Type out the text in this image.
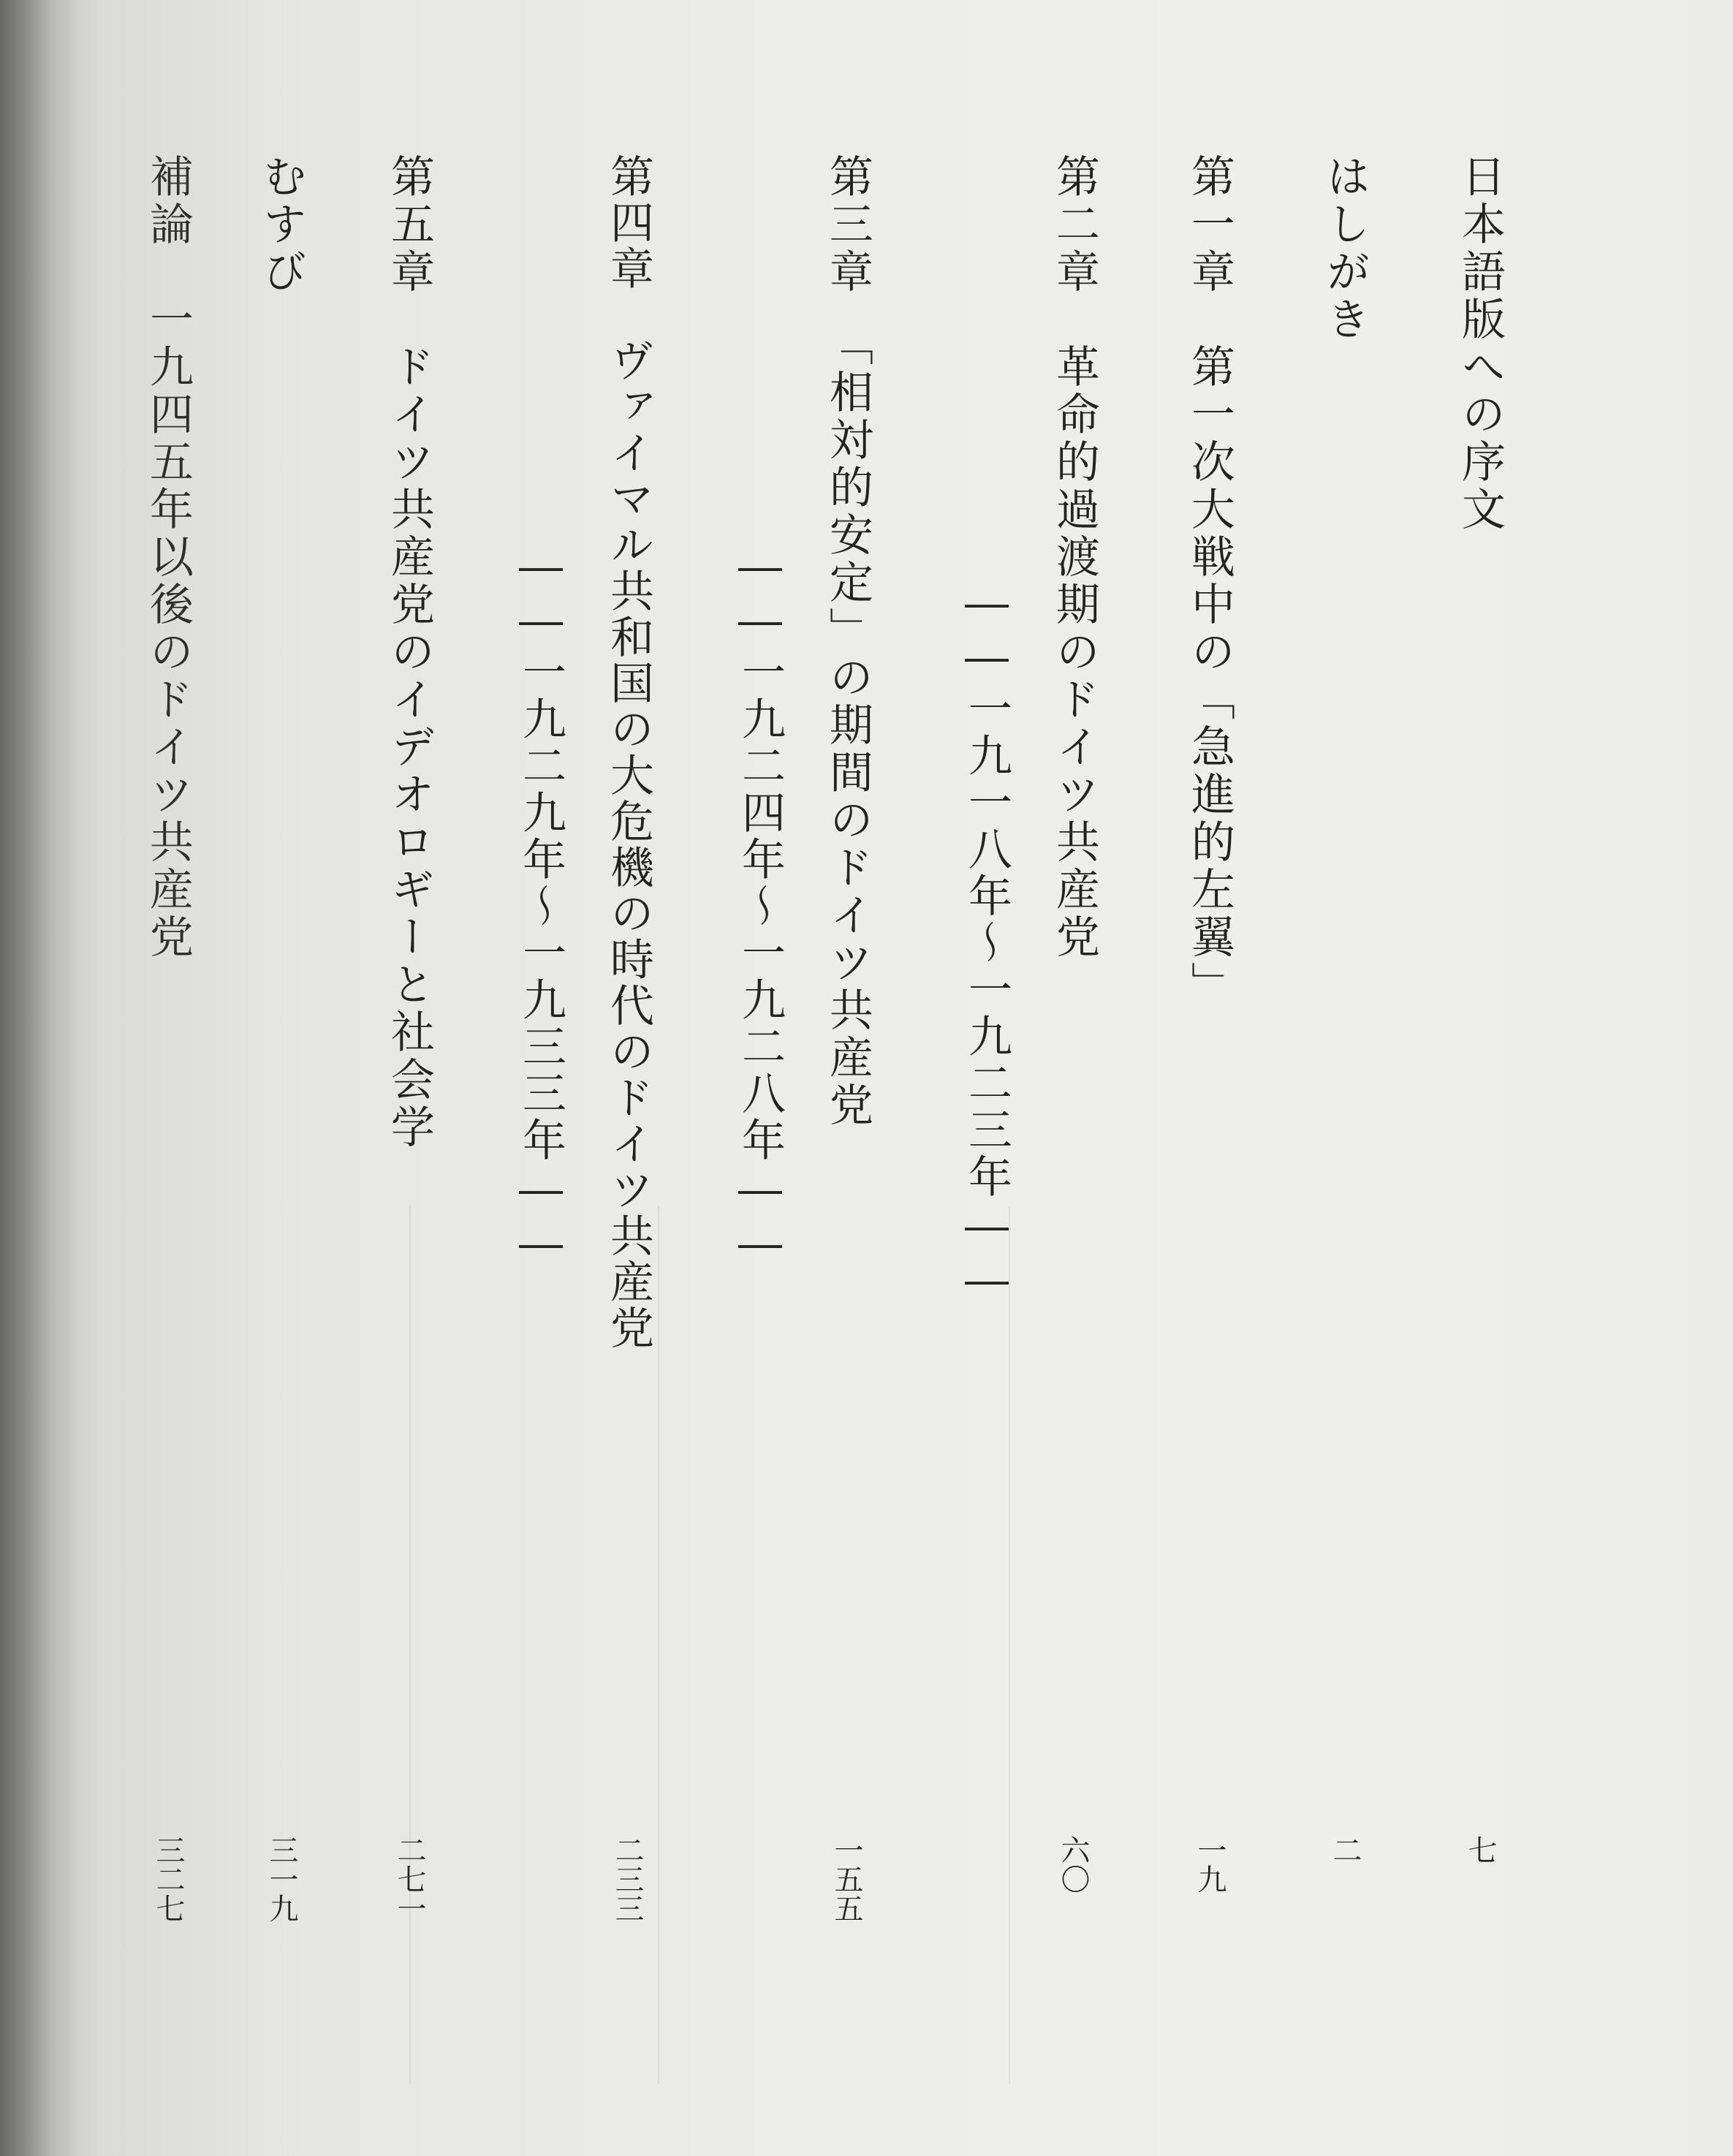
日本語版への序文
七
はしがき
二
第一章　第一次大戦中の「急進的左翼」
一九
第二章　革命的過渡期のドイツ共産党
――一九一八年〜一九二三年――
六〇
第三章　「相対的安定」の期間のドイツ共産党
――一九二四年〜一九二八年――
一五五
第四章　ヴァイマル共和国の大危機の時代のドイツ共産党
――一九二九年〜一九三三年――
二三三
第五章　ドイツ共産党のイデオロギーと社会学
二七一
むすび
三一九
補論　一九四五年以後のドイツ共産党
三二七
